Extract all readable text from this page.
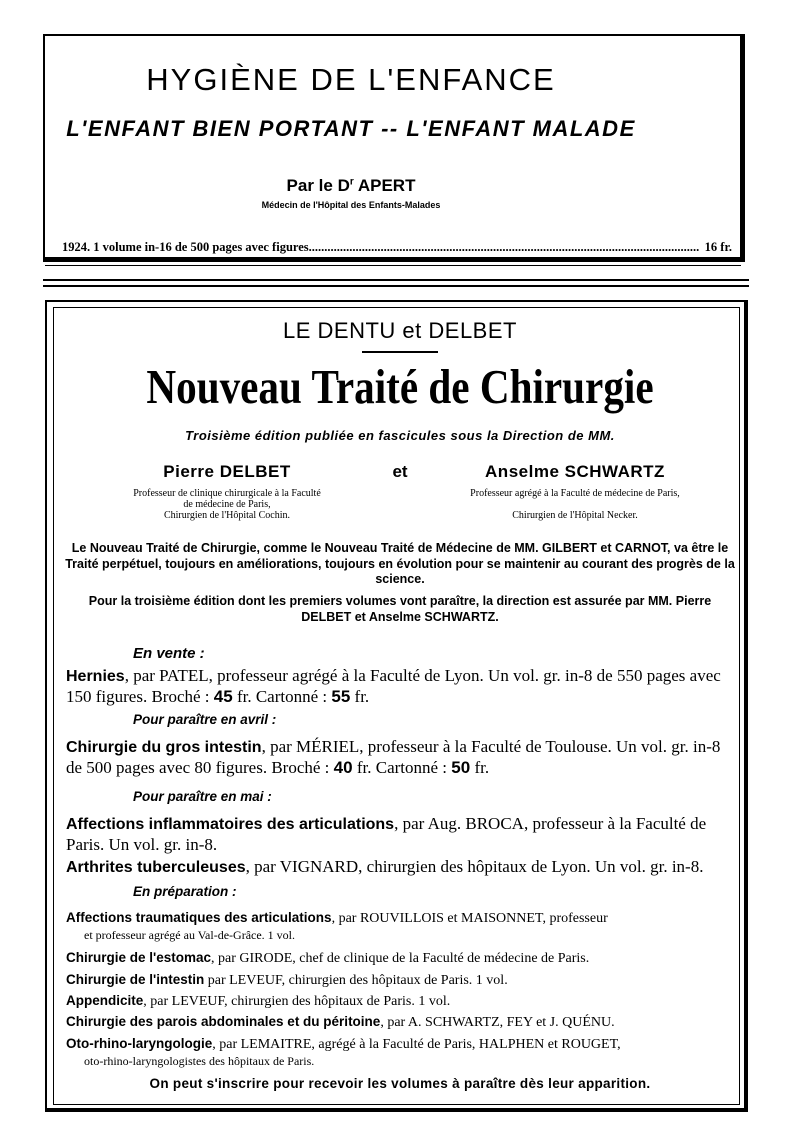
HYGIÈNE DE L'ENFANCE
L'ENFANT BIEN PORTANT -- L'ENFANT MALADE
Par le $D^r$ APERT
Médecin de l'Hôpital des Enfants-Malades
1924. 1 volume in-16 de 500 pages avec figures .....	16 fr.
LE DENTU et DELBET
Nouveau Traité de Chirurgie
Troisième édition publiée en fascicules sous la Direction de MM.
Pierre DELBET	et	Anselme SCHWARTZ
Professeur de clinique chirurgicale à la Faculté
de médecine de Paris,
Chirurgien de l'Hôpital Cochin.
Professeur agrégé à la Faculté de médecine de Paris,
Chirurgien de l'Hôpital Necker.
Le Nouveau Traité de Chirurgie, comme le Nouveau Traité de Médecine de MM. GILBERT et CARNOT, va être le Traité perpétuel, toujours en améliorations, toujours en évolution pour se maintenir au courant des progrès de la science.
Pour la troisième édition dont les premiers volumes vont paraître, la direction est assurée par MM. Pierre DELBET et Anselme SCHWARTZ.
En vente :
Hernies, par PATEL, professeur agrégé à la Faculté de Lyon. Un vol. gr. in-8 de 550 pages avec 150 figures. Broché : 45 fr. Cartonné : 55 fr.
Pour paraître en avril :
Chirurgie du gros intestin, par MÉRIEL, professeur à la Faculté de Toulouse. Un vol. gr. in-8 de 500 pages avec 80 figures. Broché : 40 fr. Cartonné : 50 fr.
Pour paraître en mai :
Affections inflammatoires des articulations, par Aug. BROCA, professeur à la Faculté de Paris. Un vol. gr. in-8.
Arthrites tuberculeuses, par VIGNARD, chirurgien des hôpitaux de Lyon. Un vol. gr. in-8.
En préparation :
Affections traumatiques des articulations, par ROUVILLOIS et MAISONNET, professeur
et professeur agrégé au Val-de-Grâce. 1 vol.
Chirurgie de l'estomac, par GIRODE, chef de clinique de la Faculté de médecine de Paris.
Chirurgie de l'intestin par LEVEUF, chirurgien des hôpitaux de Paris. 1 vol.
Appendicite, par LEVEUF, chirurgien des hôpitaux de Paris. 1 vol.
Chirurgie des parois abdominales et du péritoine, par A. SCHWARTZ, FEY et J. QUÉNU.
Oto-rhino-laryngologie, par LEMAITRE, agrégé à la Faculté de Paris, HALPHEN et ROUGET,
oto-rhino-laryngologistes des hôpitaux de Paris.
On peut s'inscrire pour recevoir les volumes à paraître dès leur apparition.
